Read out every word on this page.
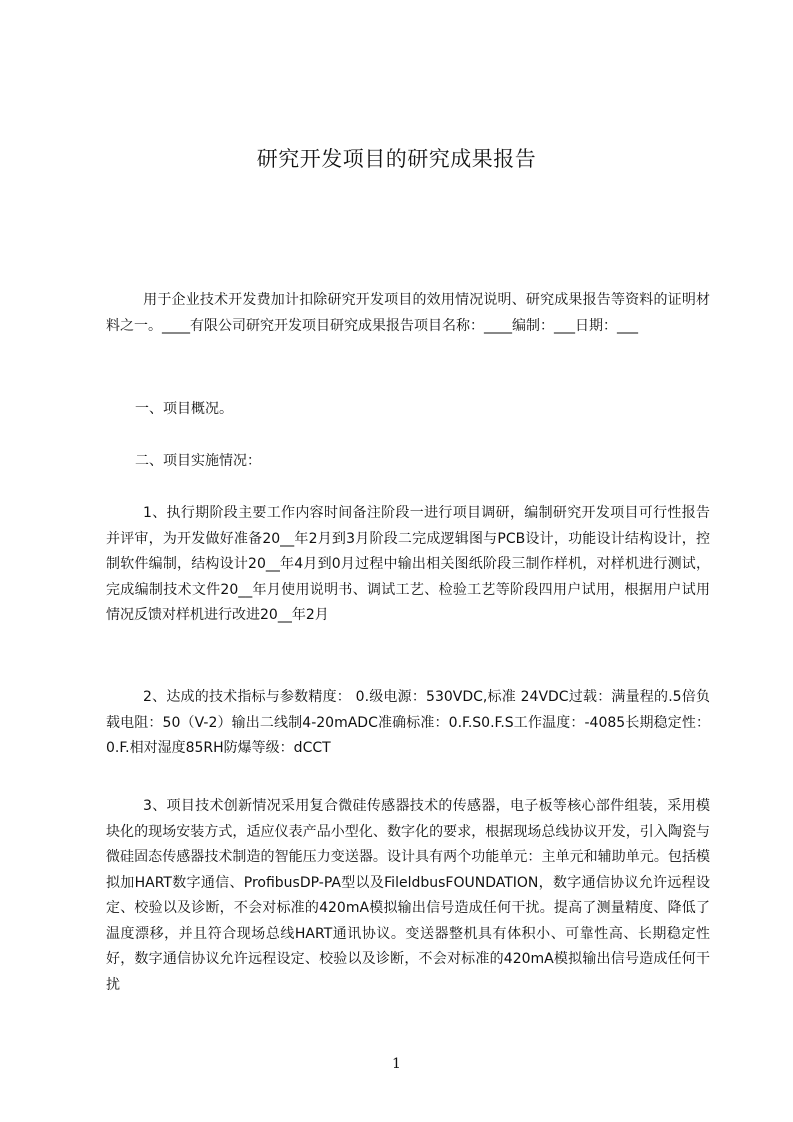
研究开发项目的研究成果报告
用于企业技术开发费加计扣除研究开发项目的效用情况说明、研究成果报告等资料的证明材料之一。____有限公司研究开发项目研究成果报告项目名称：____编制：___日期：___
一、项目概况。
二、项目实施情况：
1、执行期阶段主要工作内容时间备注阶段一进行项目调研，编制研究开发项目可行性报告并评审，为开发做好准备20__年2月到3月阶段二完成逻辑图与PCB设计，功能设计结构设计，控制软件编制，结构设计20__年4月到0月过程中输出相关图纸阶段三制作样机，对样机进行测试，完成编制技术文件20__年月使用说明书、调试工艺、检验工艺等阶段四用户试用，根据用户试用情况反馈对样机进行改进20__年2月
2、达成的技术指标与参数精度： 0.级电源：530VDC,标准 24VDC过载：满量程的.5倍负载电阻：50（V-2）输出二线制4-20mADC准确标准：0.F.S0.F.S工作温度：-4085长期稳定性：0.F.相对湿度85RH防爆等级：dCCT
3、项目技术创新情况采用复合微硅传感器技术的传感器，电子板等核心部件组装，采用模块化的现场安装方式，适应仪表产品小型化、数字化的要求，根据现场总线协议开发，引入陶瓷与微硅固态传感器技术制造的智能压力变送器。设计具有两个功能单元：主单元和辅助单元。包括模拟加HART数字通信、ProfibusDP-PA型以及FileldbusFOUNDATION，数字通信协议允许远程设定、校验以及诊断，不会对标准的420mA模拟输出信号造成任何干扰。提高了测量精度、降低了温度漂移，并且符合现场总线HART通讯协议。变送器整机具有体积小、可靠性高、长期稳定性好，数字通信协议允许远程设定、校验以及诊断，不会对标准的420mA模拟输出信号造成任何干扰
1
